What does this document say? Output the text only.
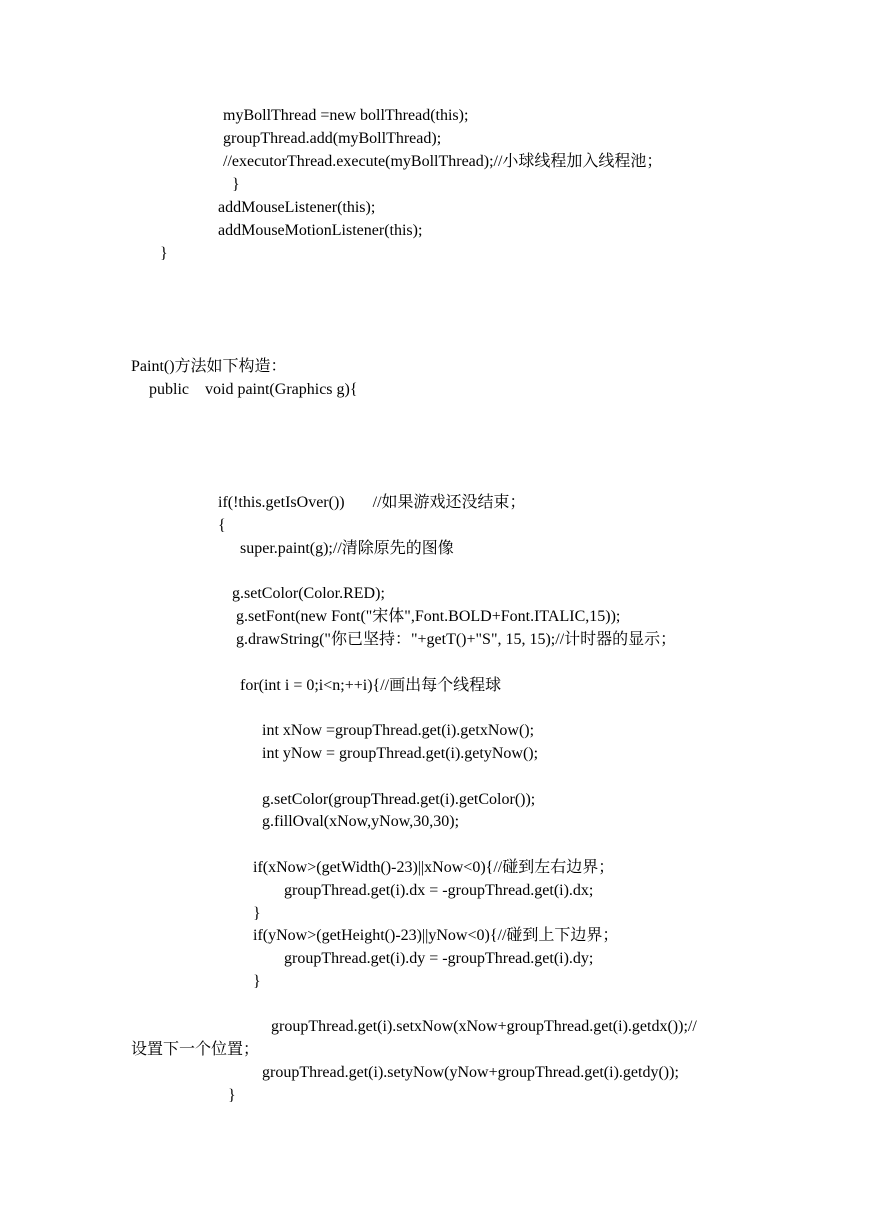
myBollThread =new bollThread(this);
groupThread.add(myBollThread);
//executorThread.execute(myBollThread);//小球线程加入线程池；
}
addMouseListener(this);
addMouseMotionListener(this);
}
Paint()方法如下构造：
public    void paint(Graphics g){
if(!this.getIsOver())       //如果游戏还没结束；
{
super.paint(g);//清除原先的图像
g.setColor(Color.RED);
g.setFont(new Font("宋体",Font.BOLD+Font.ITALIC,15));
g.drawString("你已坚持："+getT()+"S", 15, 15);//计时器的显示；
for(int i = 0;i<n;++i){//画出每个线程球
int xNow =groupThread.get(i).getxNow();
int yNow = groupThread.get(i).getyNow();
g.setColor(groupThread.get(i).getColor());
g.fillOval(xNow,yNow,30,30);
if(xNow>(getWidth()-23)||xNow<0){//碰到左右边界；
groupThread.get(i).dx = -groupThread.get(i).dx;
}
if(yNow>(getHeight()-23)||yNow<0){//碰到上下边界；
groupThread.get(i).dy = -groupThread.get(i).dy;
}
groupThread.get(i).setxNow(xNow+groupThread.get(i).getdx());//
设置下一个位置；
groupThread.get(i).setyNow(yNow+groupThread.get(i).getdy());
}
